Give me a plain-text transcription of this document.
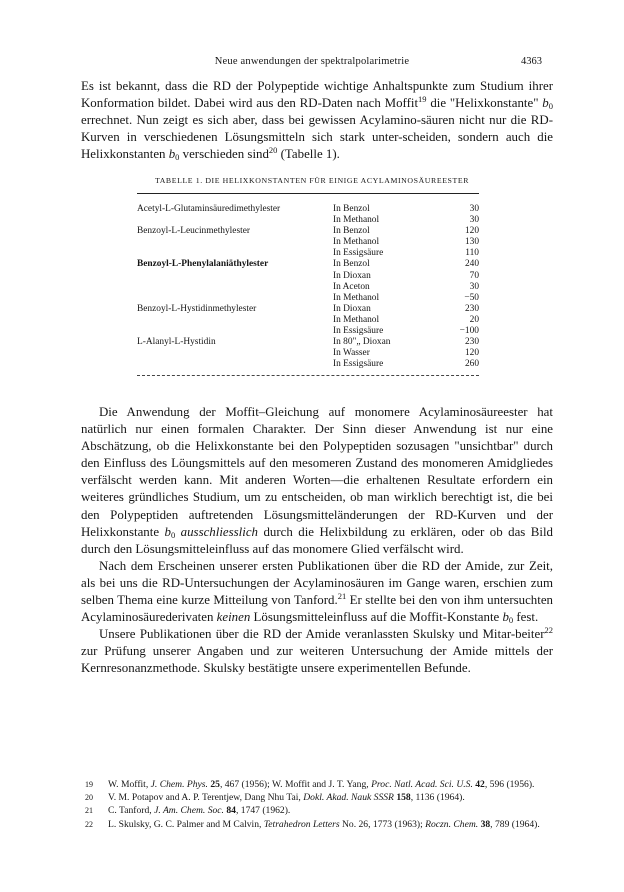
Neue anwendungen der spektralpolarimetrie	4363

Es ist bekannt, dass die RD der Polypeptide wichtige Anhaltspunkte zum Studium ihrer Konformation bildet. Dabei wird aus den RD-Daten nach Moffit$^{19}$ die "Helixkonstante" $b_0$ errechnet. Nun zeigt es sich aber, dass bei gewissen Acylamino-säuren nicht nur die RD-Kurven in verschiedenen Lösungsmitteln sich stark unter-scheiden, sondern auch die Helixkonstanten $b_0$ verschieden sind$^{20}$ (Tabelle 1).

TABELLE 1. DIE HELIXKONSTANTEN FÜR EINIGE ACYLAMINOSÄUREESTER
Acetyl-L-Glutaminsäuredimethylester	In Benzol	30
In Methanol	30
Benzoyl-L-Leucinmethylester	In Benzol	120
In Methanol	130
In Essigsäure	110
Benzoyl-L-Phenylalaniäthylester	In Benzol	240
In Dioxan	70
In Aceton	30
In Methanol	−50
Benzoyl-L-Hystidinmethylester	In Dioxan	230
In Methanol	20
In Essigsäure	−100
L-Alanyl-L-Hystidin	In 80"„ Dioxan	230
In Wasser	120
In Essigsäure	260

Die Anwendung der Moffit–Gleichung auf monomere Acylaminosäureester hat natürlich nur einen formalen Charakter. Der Sinn dieser Anwendung ist nur eine Abschätzung, ob die Helixkonstante bei den Polypeptiden sozusagen "unsichtbar" durch den Einfluss des Löungsmittels auf den mesomeren Zustand des monomeren Amidgliedes verfälscht werden kann. Mit anderen Worten—die erhaltenen Resultate erfordern ein weiteres gründliches Studium, um zu entscheiden, ob man wirklich berechtigt ist, die bei den Polypeptiden auftretenden Lösungsmitteländerungen der RD-Kurven und der Helixkonstante $b_0$ ausschliesslich durch die Helixbildung zu erklären, oder ob das Bild durch den Lösungsmitteleinfluss auf das monomere Glied verfälscht wird.

Nach dem Erscheinen unserer ersten Publikationen über die RD der Amide, zur Zeit, als bei uns die RD-Untersuchungen der Acylaminosäuren im Gange waren, erschien zum selben Thema eine kurze Mitteilung von Tanford.$^{21}$ Er stellte bei den von ihm untersuchten Acylaminosäurederivaten keinen Lösungsmitteleinfluss auf die Moffit-Konstante $b_0$ fest.

Unsere Publikationen über die RD der Amide veranlassten Skulsky und Mitar-beiter$^{22}$ zur Prüfung unserer Angaben und zur weiteren Untersuchung der Amide mittels der Kernresonanzmethode. Skulsky bestätigte unsere experimentellen Befunde.

19 W. Moffit, J. Chem. Phys. 25, 467 (1956); W. Moffit and J. T. Yang, Proc. Natl. Acad. Sci. U.S. 42, 596 (1956).
20 V. M. Potapov and A. P. Terentjew, Dang Nhu Tai, Dokl. Akad. Nauk SSSR 158, 1136 (1964).
21 C. Tanford, J. Am. Chem. Soc. 84, 1747 (1962).
22 L. Skulsky, G. C. Palmer and M Calvin, Tetrahedron Letters No. 26, 1773 (1963); Roczn. Chem. 38, 789 (1964).
